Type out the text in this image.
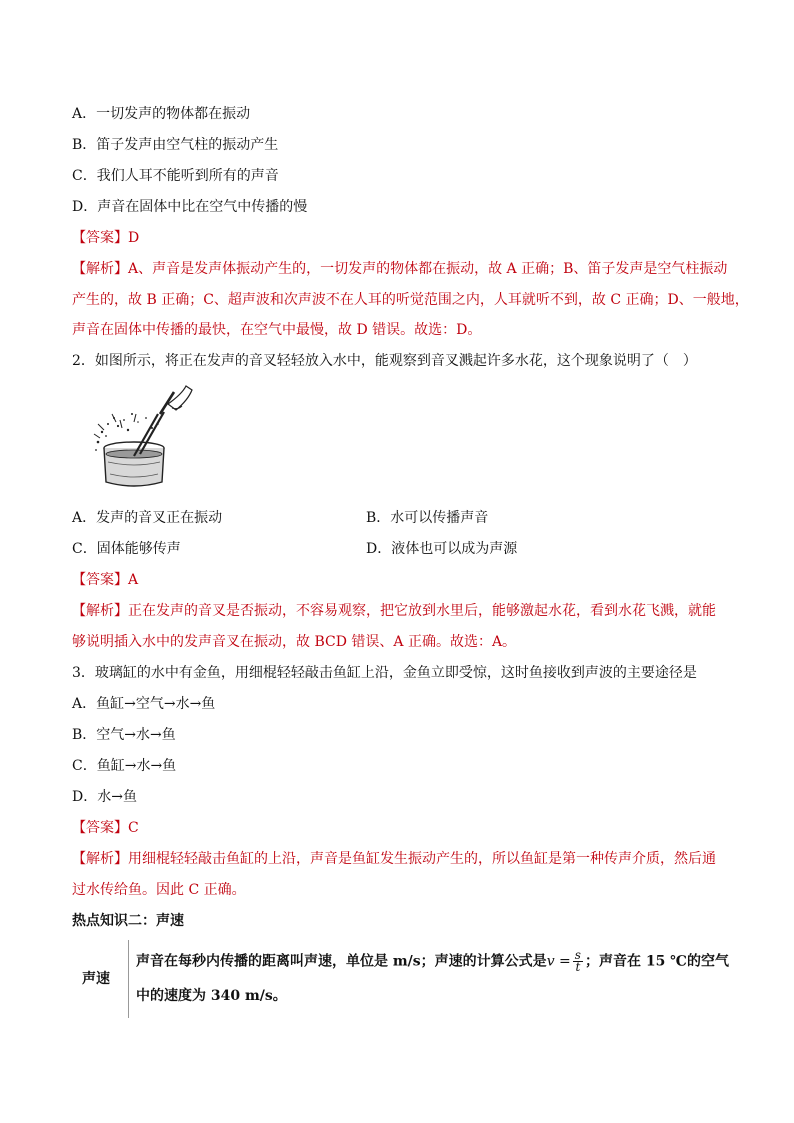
A．一切发声的物体都在振动
B．笛子发声由空气柱的振动产生
C．我们人耳不能听到所有的声音
D．声音在固体中比在空气中传播的慢
【答案】D
【解析】A、声音是发声体振动产生的，一切发声的物体都在振动，故 A 正确；B、笛子发声是空气柱振动
产生的，故 B 正确；C、超声波和次声波不在人耳的听觉范围之内，人耳就听不到，故 C 正确；D、一般地，
声音在固体中传播的最快，在空气中最慢，故 D 错误。故选：D。
2．如图所示，将正在发声的音叉轻轻放入水中，能观察到音叉溅起许多水花，这个现象说明了（　）
A．发声的音叉正在振动	B．水可以传播声音
C．固体能够传声	D．液体也可以成为声源
【答案】A
【解析】正在发声的音叉是否振动，不容易观察，把它放到水里后，能够激起水花，看到水花飞溅，就能
够说明插入水中的发声音叉在振动，故 BCD 错误、A 正确。故选：A。
3．玻璃缸的水中有金鱼，用细棍轻轻敲击鱼缸上沿，金鱼立即受惊，这时鱼接收到声波的主要途径是
A．鱼缸→空气→水→鱼
B．空气→水→鱼
C．鱼缸→水→鱼
D．水→鱼
【答案】C
【解析】用细棍轻轻敲击鱼缸的上沿，声音是鱼缸发生振动产生的，所以鱼缸是第一种传声介质，然后通
过水传给鱼。因此 C 正确。
热点知识二：声速
声速
声音在每秒内传播的距离叫声速，单位是 m/s；声速的计算公式是$v = \frac{s}{t}$ ；声音在 15 ℃的空气
中的速度为 340 m/s。
